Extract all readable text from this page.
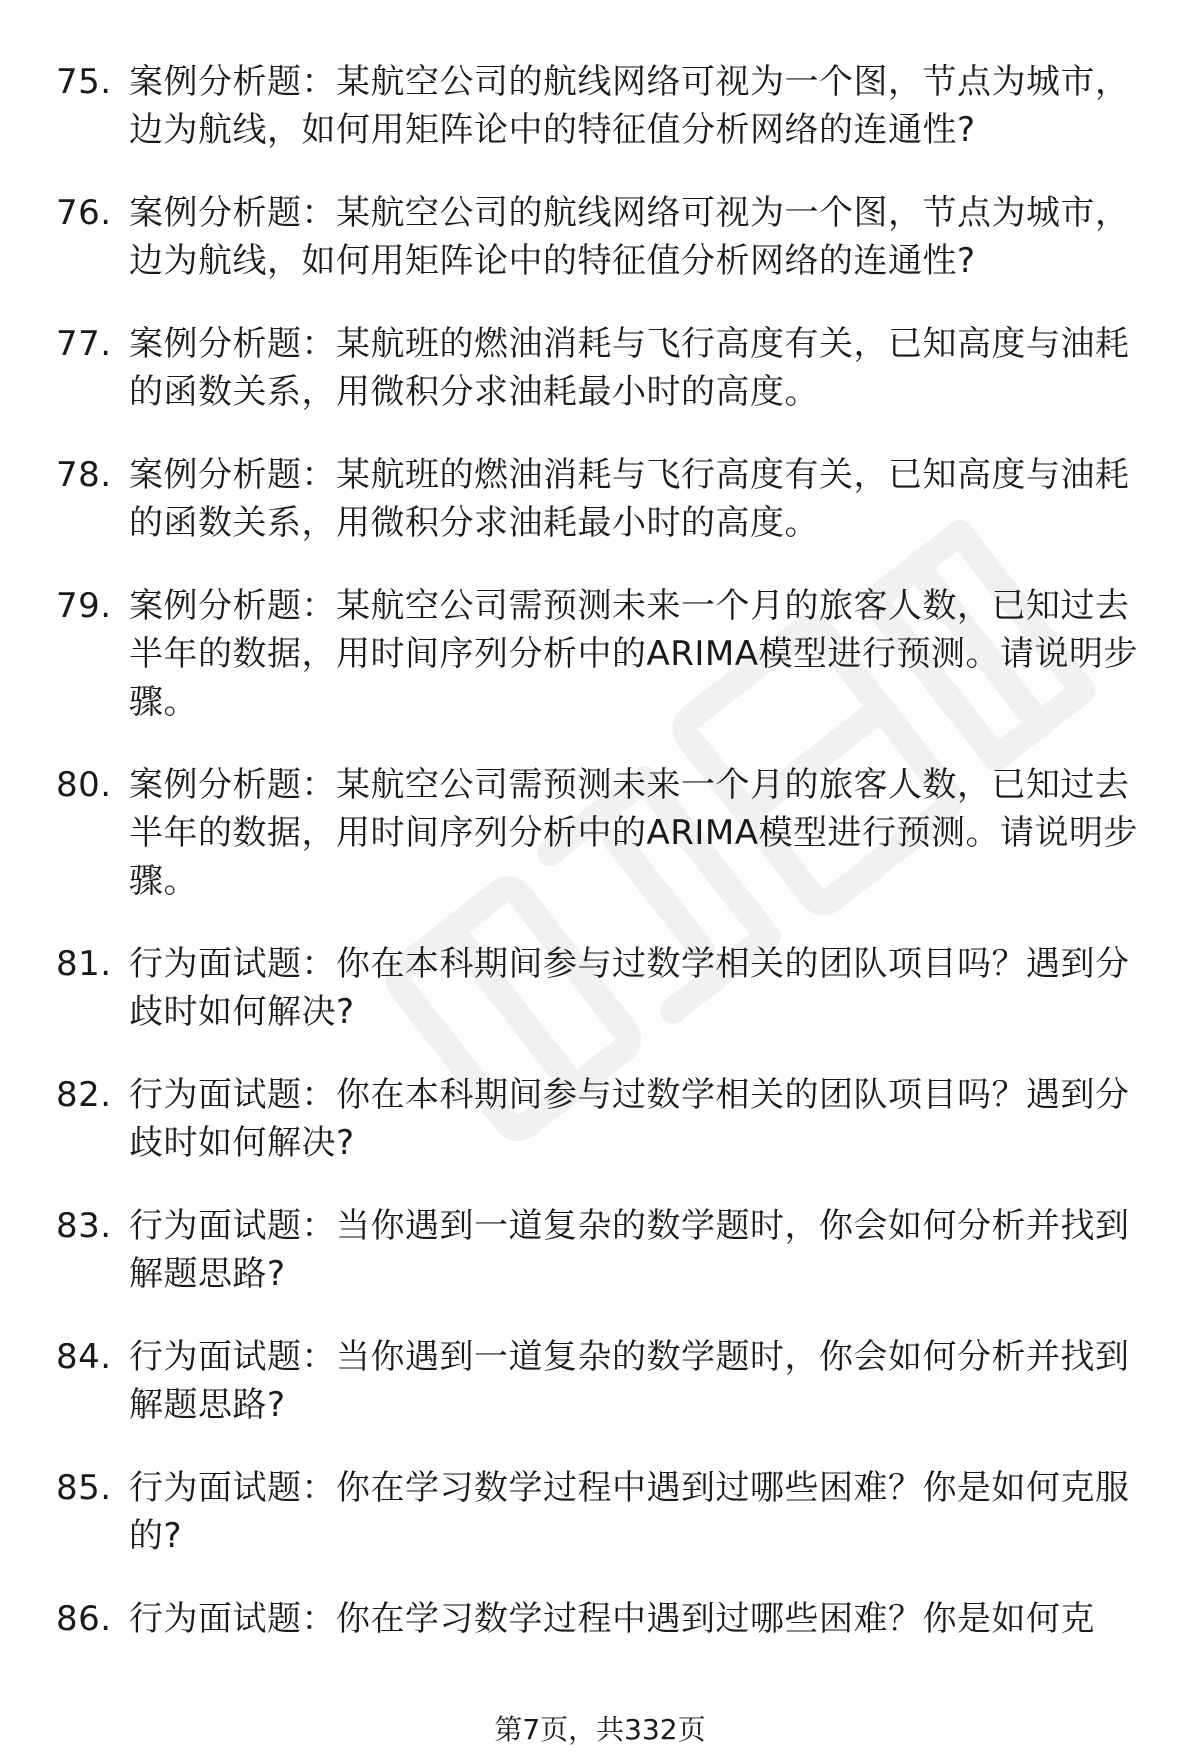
75. 案例分析题：某航空公司的航线网络可视为一个图，节点为城市，边为航线，如何用矩阵论中的特征值分析网络的连通性?
76. 案例分析题：某航空公司的航线网络可视为一个图，节点为城市，边为航线，如何用矩阵论中的特征值分析网络的连通性?
77. 案例分析题：某航班的燃油消耗与飞行高度有关，已知高度与油耗的函数关系，用微积分求油耗最小时的高度。
78. 案例分析题：某航班的燃油消耗与飞行高度有关，已知高度与油耗的函数关系，用微积分求油耗最小时的高度。
79. 案例分析题：某航空公司需预测未来一个月的旅客人数，已知过去半年的数据，用时间序列分析中的ARIMA模型进行预测。请说明步骤。
80. 案例分析题：某航空公司需预测未来一个月的旅客人数，已知过去半年的数据，用时间序列分析中的ARIMA模型进行预测。请说明步骤。
81. 行为面试题：你在本科期间参与过数学相关的团队项目吗？遇到分歧时如何解决?
82. 行为面试题：你在本科期间参与过数学相关的团队项目吗？遇到分歧时如何解决?
83. 行为面试题：当你遇到一道复杂的数学题时，你会如何分析并找到解题思路?
84. 行为面试题：当你遇到一道复杂的数学题时，你会如何分析并找到解题思路?
85. 行为面试题：你在学习数学过程中遇到过哪些困难？你是如何克服的?
86. 行为面试题：你在学习数学过程中遇到过哪些困难？你是如何克
第7页，共332页
